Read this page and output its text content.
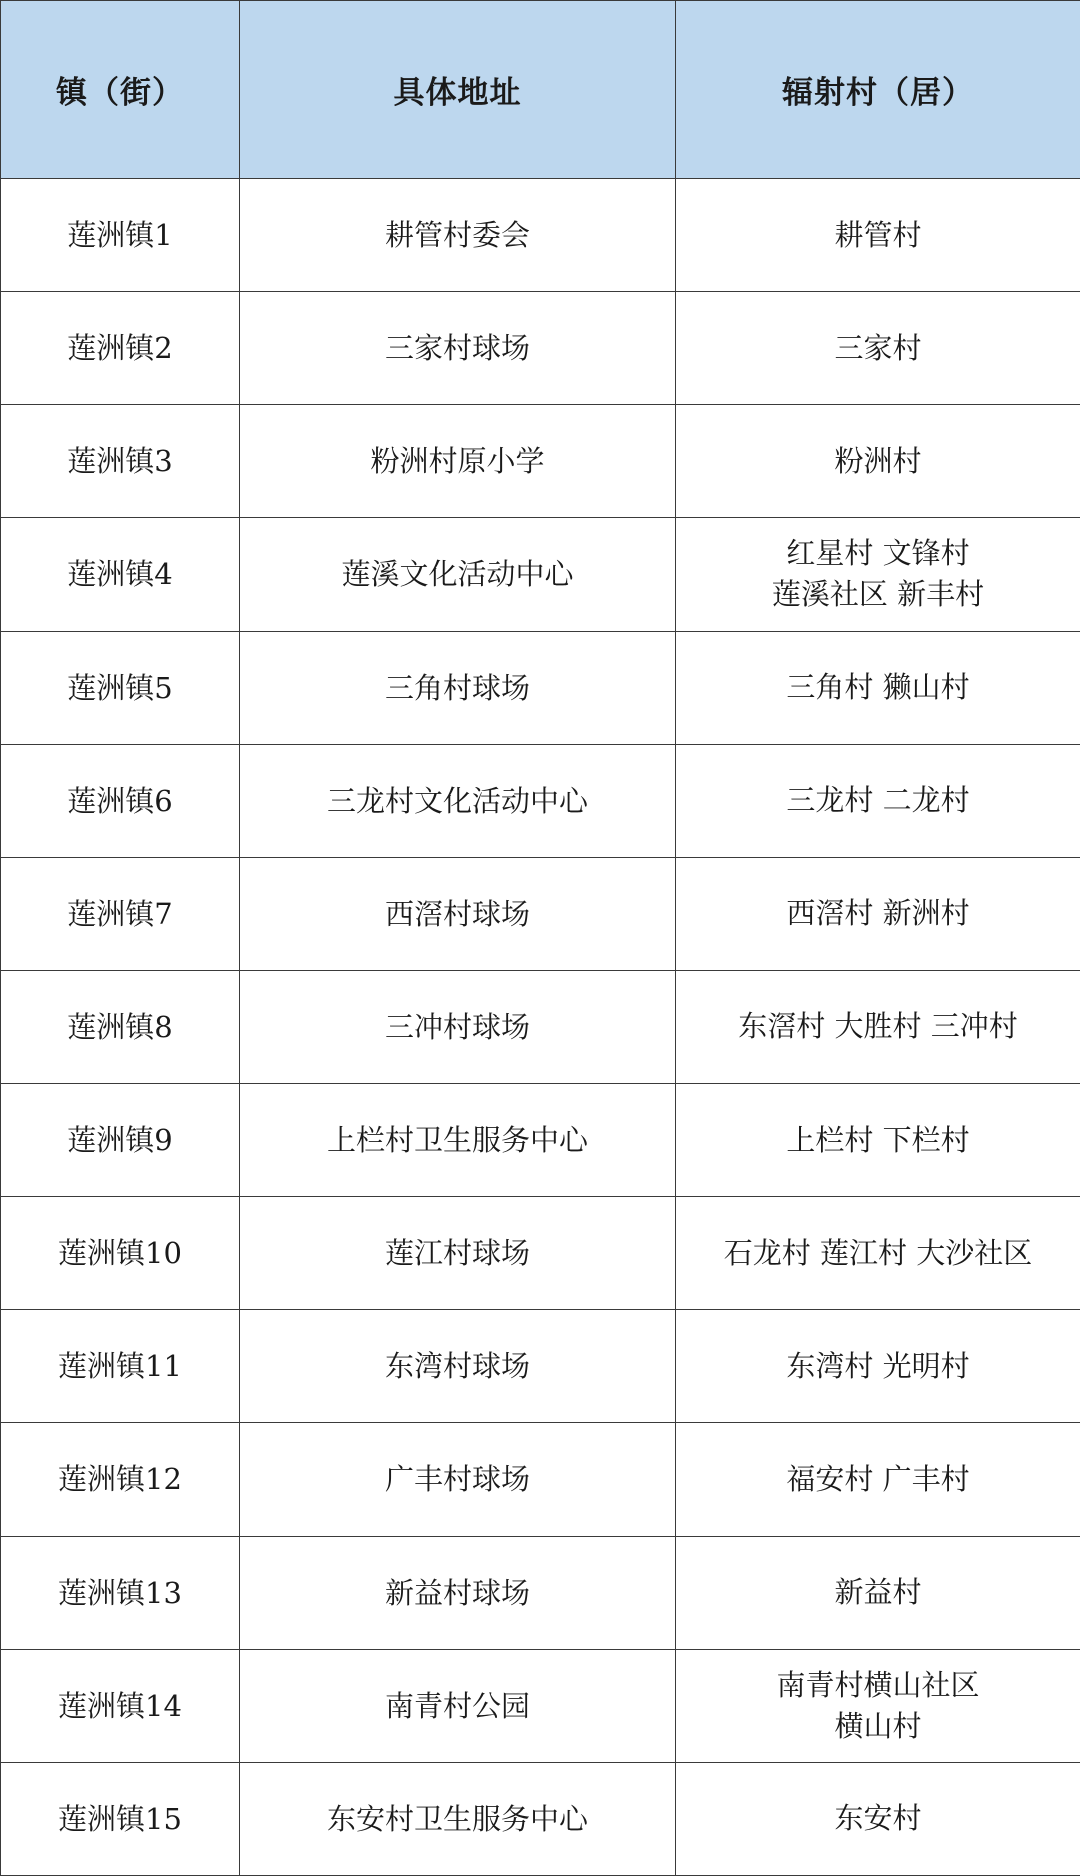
镇（街）	具体地址	辐射村（居）
莲洲镇1	耕管村委会	耕管村
莲洲镇2	三家村球场	三家村
莲洲镇3	粉洲村原小学	粉洲村
莲洲镇4	莲溪文化活动中心	红星村 文锋村
莲溪社区 新丰村
莲洲镇5	三角村球场	三角村 獭山村
莲洲镇6	三龙村文化活动中心	三龙村 二龙村
莲洲镇7	西滘村球场	西滘村 新洲村
莲洲镇8	三冲村球场	东滘村 大胜村 三冲村
莲洲镇9	上栏村卫生服务中心	上栏村 下栏村
莲洲镇10	莲江村球场	石龙村 莲江村 大沙社区
莲洲镇11	东湾村球场	东湾村 光明村
莲洲镇12	广丰村球场	福安村 广丰村
莲洲镇13	新益村球场	新益村
莲洲镇14	南青村公园	南青村横山社区
横山村
莲洲镇15	东安村卫生服务中心	东安村
